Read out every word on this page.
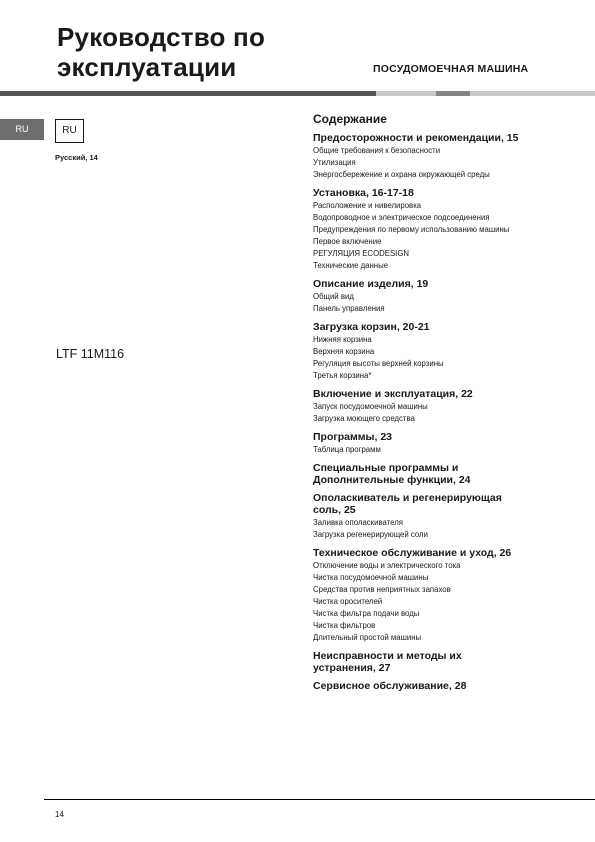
Руководство по
эксплуатации	ПОСУДОМОЕЧНАЯ МАШИНА
RU	RU
Русский, 14
LTF 11M116
Содержание
Предосторожности и рекомендации, 15
Общие требования к безопасности
Утилизация
Энергосбережение и охрана окружающей среды
Установка, 16-17-18
Расположение и нивелировка
Водопроводное и электрическое подсоединения
Предупреждения по первому использованию машины
Первое включение
РЕГУЛЯЦИЯ ECODESIGN
Технические данные
Описание изделия, 19
Общий вид
Панель управления
Загрузка корзин, 20-21
Нижняя корзина
Верхняя корзина
Регуляция высоты верхней корзины
Третья корзина*
Включение и эксплуатация, 22
Запуск посудомоечной машины
Загрузка моющего средства
Программы, 23
Таблица программ
Специальные программы и
Дополнительные функции, 24
Ополаскиватель и регенерирующая
соль, 25
Заливка ополаскивателя
Загрузка регенерирующей соли
Техническое обслуживание и уход, 26
Отключение воды и электрического тока
Чистка посудомоечной машины
Средства против неприятных запахов
Чистка оросителей
Чистка фильтра подачи воды
Чистка фильтров
Длительный простой машины
Неисправности и методы их
устранения, 27
Сервисное обслуживание, 28
14
